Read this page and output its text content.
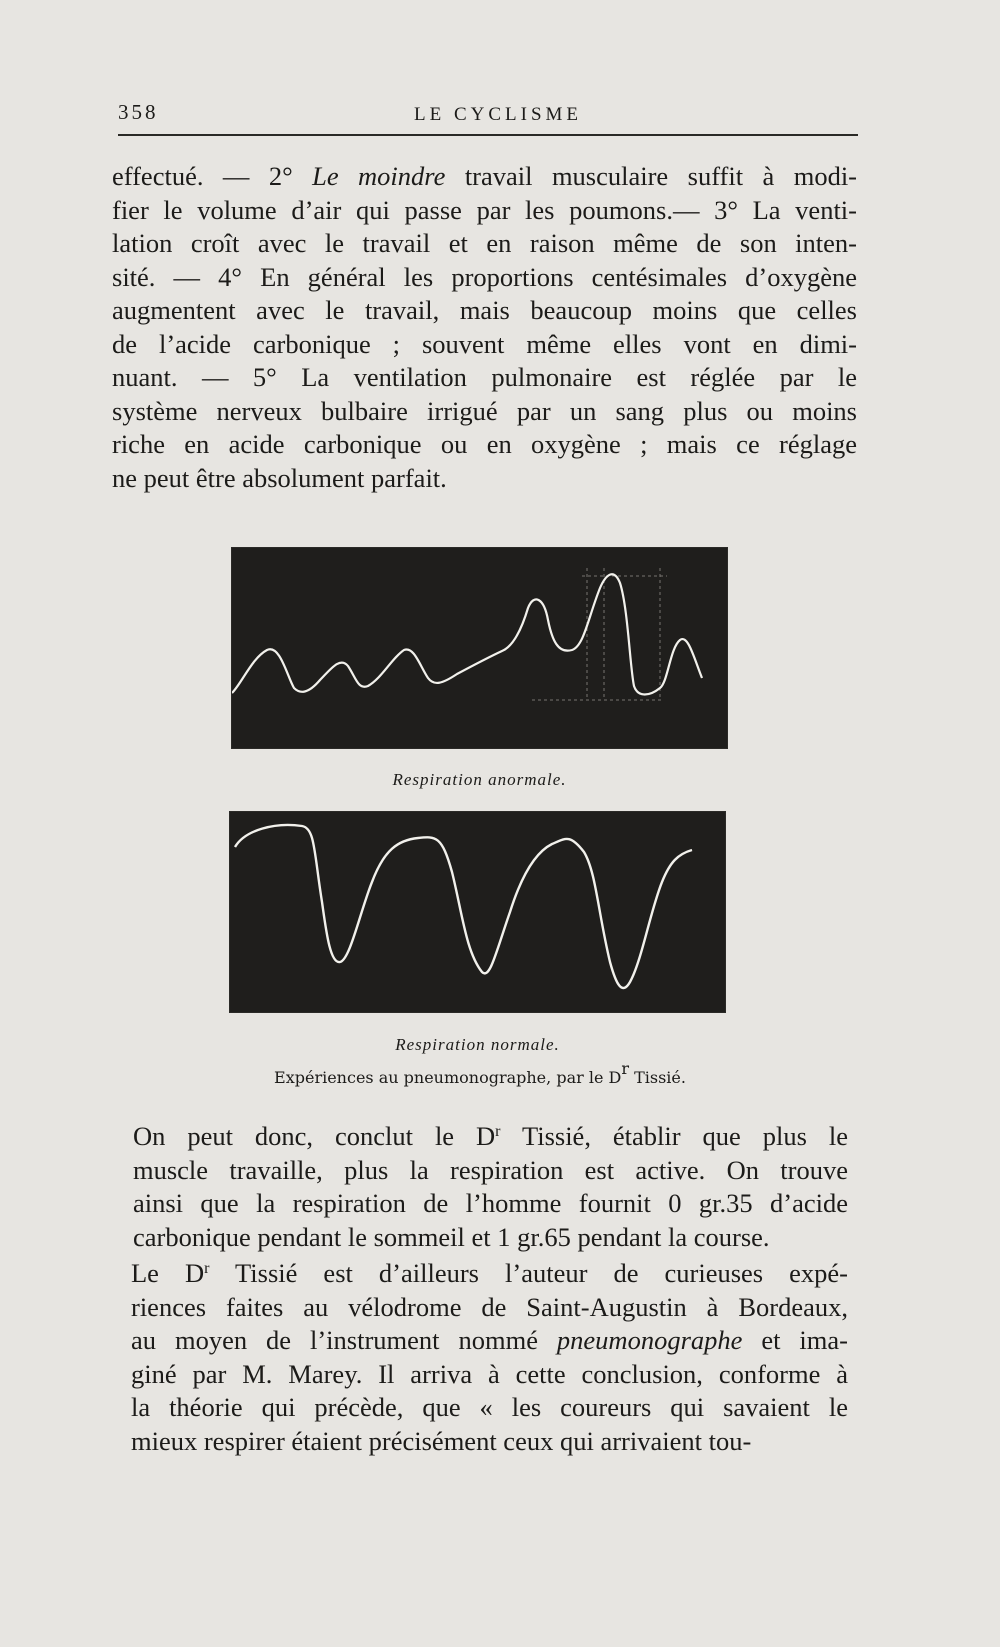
358	LE CYCLISME

effectué. — 2° Le moindre travail musculaire suffit à modi-
fier le volume d’air qui passe par les poumons.— 3° La venti-
lation croît avec le travail et en raison même de son inten-
sité. — 4° En général les proportions centésimales d’oxygène
augmentent avec le travail, mais beaucoup moins que celles
de l’acide carbonique ; souvent même elles vont en dimi-
nuant. — 5° La ventilation pulmonaire est réglée par le
système nerveux bulbaire irrigué par un sang plus ou moins
riche en acide carbonique ou en oxygène ; mais ce réglage
ne peut être absolument parfait.

Respiration anormale.
Respiration normale.
Expériences au pneumonographe, par le $D^r$ Tissié.

On peut donc, conclut le $D^r$ Tissié, établir que plus le
muscle travaille, plus la respiration est active. On trouve
ainsi que la respiration de l’homme fournit 0 gr.35 d’acide
carbonique pendant le sommeil et 1 gr.65 pendant la course.

Le $D^r$ Tissié est d’ailleurs l’auteur de curieuses expé-
riences faites au vélodrome de Saint-Augustin à Bordeaux,
au moyen de l’instrument nommé pneumonographe et ima-
giné par M. Marey. Il arriva à cette conclusion, conforme à
la théorie qui précède, que « les coureurs qui savaient le
mieux respirer étaient précisément ceux qui arrivaient tou-
